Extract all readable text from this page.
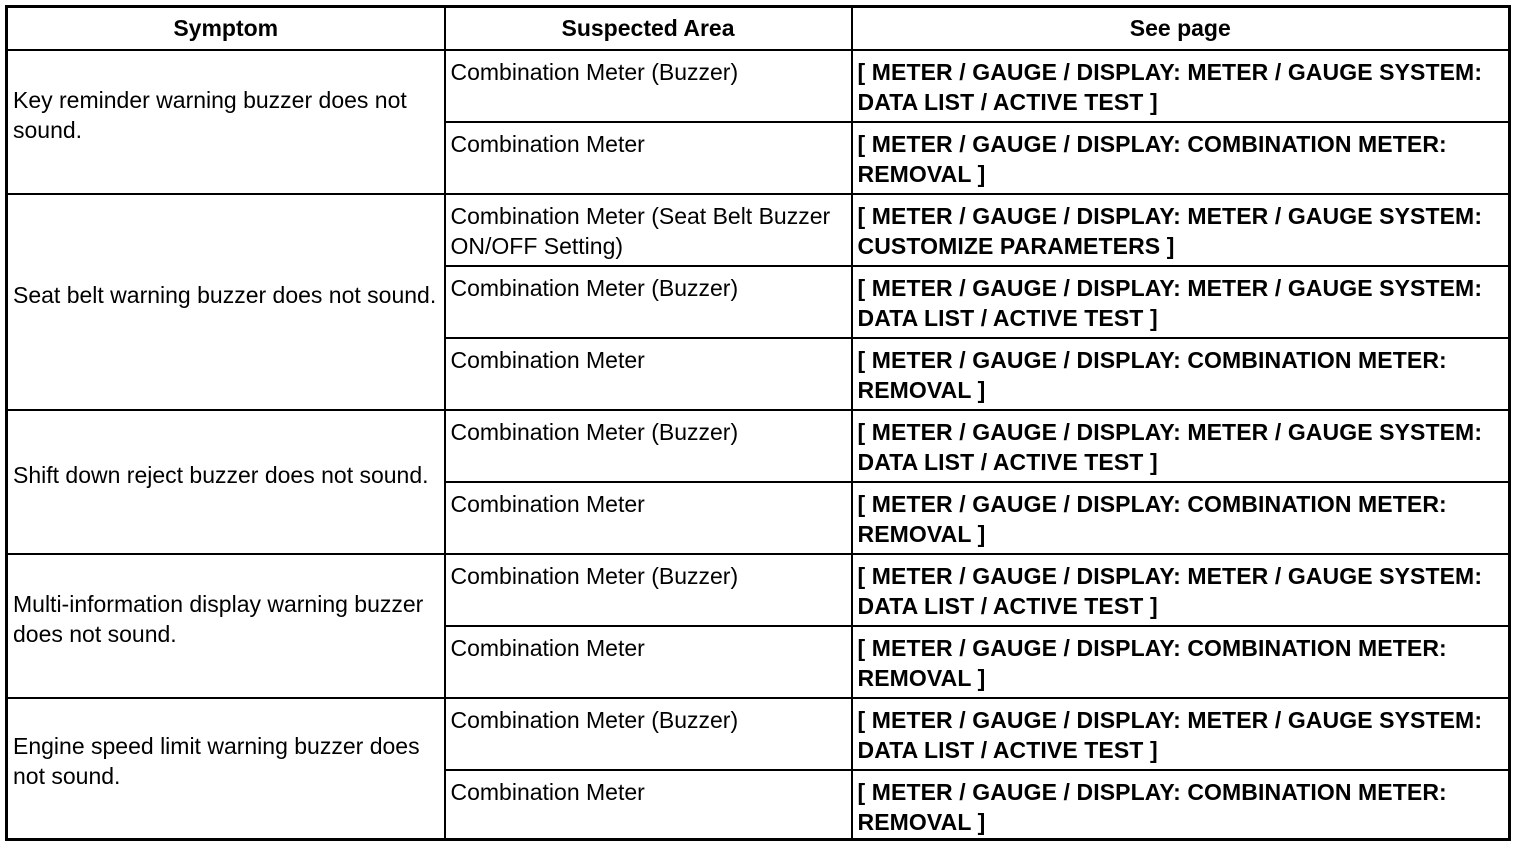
Symptom	Suspected Area	See page
Key reminder warning buzzer does not sound.	Combination Meter (Buzzer)	[ METER / GAUGE / DISPLAY: METER / GAUGE SYSTEM: DATA LIST / ACTIVE TEST ]
	Combination Meter	[ METER / GAUGE / DISPLAY: COMBINATION METER: REMOVAL ]
Seat belt warning buzzer does not sound.	Combination Meter (Seat Belt Buzzer ON/OFF Setting)	[ METER / GAUGE / DISPLAY: METER / GAUGE SYSTEM: CUSTOMIZE PARAMETERS ]
	Combination Meter (Buzzer)	[ METER / GAUGE / DISPLAY: METER / GAUGE SYSTEM: DATA LIST / ACTIVE TEST ]
	Combination Meter	[ METER / GAUGE / DISPLAY: COMBINATION METER: REMOVAL ]
Shift down reject buzzer does not sound.	Combination Meter (Buzzer)	[ METER / GAUGE / DISPLAY: METER / GAUGE SYSTEM: DATA LIST / ACTIVE TEST ]
	Combination Meter	[ METER / GAUGE / DISPLAY: COMBINATION METER: REMOVAL ]
Multi-information display warning buzzer does not sound.	Combination Meter (Buzzer)	[ METER / GAUGE / DISPLAY: METER / GAUGE SYSTEM: DATA LIST / ACTIVE TEST ]
	Combination Meter	[ METER / GAUGE / DISPLAY: COMBINATION METER: REMOVAL ]
Engine speed limit warning buzzer does not sound.	Combination Meter (Buzzer)	[ METER / GAUGE / DISPLAY: METER / GAUGE SYSTEM: DATA LIST / ACTIVE TEST ]
	Combination Meter	[ METER / GAUGE / DISPLAY: COMBINATION METER: REMOVAL ]
